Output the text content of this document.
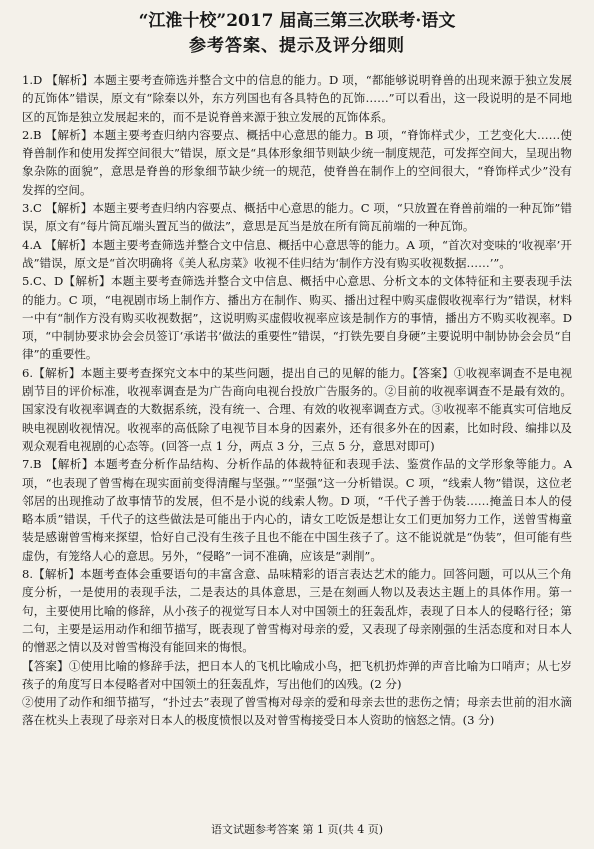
“江淮十校”2017 届高三第三次联考·语文
参考答案、提示及评分细则

1.D 【解析】本题主要考查筛选并整合文中的信息的能力。D 项，“都能够说明脊兽的出现来源于独立发展的瓦饰体”错误，原文有“除秦以外，东方列国也有各具特色的瓦饰……”可以看出，这一段说明的是不同地区的瓦饰是独立发展起来的，而不是说脊兽来源于独立发展的瓦饰体系。

2.B 【解析】本题主要考查归纳内容要点、概括中心意思的能力。B 项，“脊饰样式少，工艺变化大……使脊兽制作和使用发挥空间很大”错误，原文是“具体形象细节则缺少统一制度规范，可发挥空间大，呈现出物象杂陈的面貌”，意思是脊兽的形象细节缺少统一的规范，使脊兽在制作上的空间很大，“脊饰样式少”没有发挥的空间。

3.C 【解析】本题主要考查归纳内容要点、概括中心意思的能力。C 项，“只放置在脊兽前端的一种瓦饰”错误，原文有“每片筒瓦端头置瓦当的做法”，意思是瓦当是放在所有筒瓦前端的一种瓦饰。

4.A 【解析】本题主要考查筛选并整合文中信息、概括中心意思等的能力。A 项，“首次对变味的‘收视率’开战”错误，原文是“首次明确将《美人私房菜》收视不佳归结为‘制作方没有购买收视数据……’”。

5.C、D【解析】本题主要考查筛选并整合文中信息、概括中心意思、分析文本的文体特征和主要表现手法的能力。C 项，“电视剧市场上制作方、播出方在制作、购买、播出过程中购买虚假收视率行为”错误，材料一中有“制作方没有购买收视数据”，这说明购买虚假收视率应该是制作方的事情，播出方不购买收视率。D 项，“中制协要求协会会员签订‘承诺书’做法的重要性”错误，“打铁先要自身硬”主要说明中制协协会会员“自律”的重要性。

6.【解析】本题主要考查探究文本中的某些问题，提出自己的见解的能力。【答案】①收视率调查不是电视剧节目的评价标准，收视率调查是为广告商向电视台投放广告服务的。②目前的收视率调查不是最有效的。国家没有收视率调查的大数据系统，没有统一、合理、有效的收视率调查方式。③收视率不能真实可信地反映电视剧收视情况。收视率的高低除了电视节目本身的因素外，还有很多外在的因素，比如时段、编排以及观众观看电视剧的心态等。(回答一点 1 分，两点 3 分，三点 5 分，意思对即可)

7.B 【解析】本题考查分析作品结构、分析作品的体裁特征和表现手法、鉴赏作品的文学形象等能力。A 项，“也表现了曾雪梅在现实面前变得清醒与坚强。”“坚强”这一分析错误。C 项，“线索人物”错误，这位老邻居的出现推动了故事情节的发展，但不是小说的线索人物。D 项，“千代子善于伪装……掩盖日本人的侵略本质”错误，千代子的这些做法是可能出于内心的，请女工吃饭是想让女工们更加努力工作，送曾雪梅童装是感谢曾雪梅来探望，恰好自己没有生孩子且也不能在中国生孩子了。这不能说就是“伪装”，但可能有些虚伪，有笼络人心的意思。另外，“侵略”一词不准确，应该是“剥削”。

8.【解析】本题考查体会重要语句的丰富含意、品味精彩的语言表达艺术的能力。回答问题，可以从三个角度分析，一是使用的表现手法，二是表达的具体意思，三是在刻画人物以及表达主题上的具体作用。第一句，主要使用比喻的修辞，从小孩子的视觉写日本人对中国领土的狂轰乱炸，表现了日本人的侵略行径；第二句，主要是运用动作和细节描写，既表现了曾雪梅对母亲的爱，又表现了母亲刚强的生活态度和对日本人的憎恶之情以及对曾雪梅没有能回来的悔恨。

【答案】①使用比喻的修辞手法，把日本人的飞机比喻成小鸟，把飞机扔炸弹的声音比喻为口哨声；从七岁孩子的角度写日本侵略者对中国领土的狂轰乱炸，写出他们的凶残。(2 分)

②使用了动作和细节描写，“扑过去”表现了曾雪梅对母亲的爱和母亲去世的悲伤之情；母亲去世前的泪水滴落在枕头上表现了母亲对日本人的极度愤恨以及对曾雪梅接受日本人资助的恼怒之情。(3 分)

语文试题参考答案 第 1 页(共 4 页)
